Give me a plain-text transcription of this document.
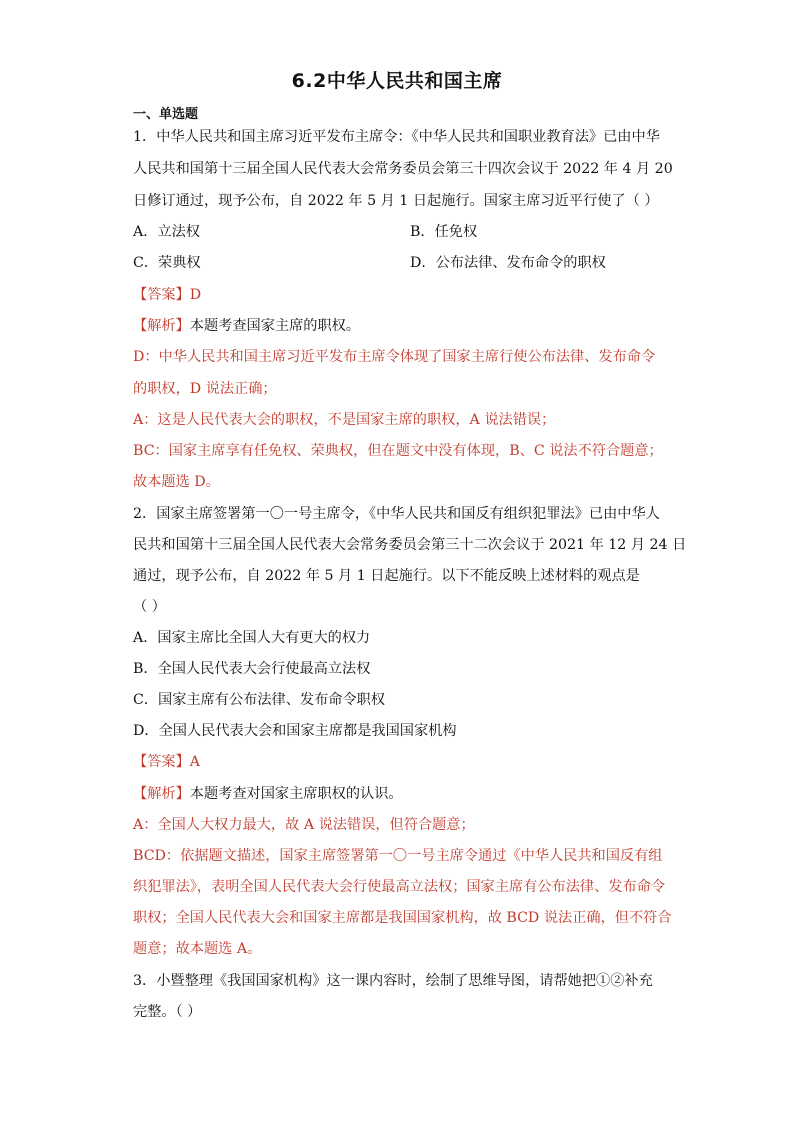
6.2中华人民共和国主席
一、单选题
1．中华人民共和国主席习近平发布主席令：《中华人民共和国职业教育法》已由中华
人民共和国第十三届全国人民代表大会常务委员会第三十四次会议于 2022 年 4 月 20
日修订通过，现予公布，自 2022 年 5 月 1 日起施行。国家主席习近平行使了（ ）
A．立法权	B．任免权
C．荣典权	D．公布法律、发布命令的职权
【答案】D
【解析】本题考查国家主席的职权。
D：中华人民共和国主席习近平发布主席令体现了国家主席行使公布法律、发布命令
的职权，D 说法正确；
A：这是人民代表大会的职权，不是国家主席的职权，A 说法错误；
BC：国家主席享有任免权、荣典权，但在题文中没有体现，B、C 说法不符合题意；
故本题选 D。
2．国家主席签署第一〇一号主席令，《中华人民共和国反有组织犯罪法》已由中华人
民共和国第十三届全国人民代表大会常务委员会第三十二次会议于 2021 年 12 月 24 日
通过，现予公布，自 2022 年 5 月 1 日起施行。以下不能反映上述材料的观点是
（ ）
A．国家主席比全国人大有更大的权力
B．全国人民代表大会行使最高立法权
C．国家主席有公布法律、发布命令职权
D．全国人民代表大会和国家主席都是我国国家机构
【答案】A
【解析】本题考查对国家主席职权的认识。
A：全国人大权力最大，故 A 说法错误，但符合题意；
BCD：依据题文描述，国家主席签署第一〇一号主席令通过《中华人民共和国反有组
织犯罪法》，表明全国人民代表大会行使最高立法权；国家主席有公布法律、发布命令
职权；全国人民代表大会和国家主席都是我国国家机构，故 BCD 说法正确，但不符合
题意；故本题选 A。
3．小暨整理《我国国家机构》这一课内容时，绘制了思维导图，请帮她把①②补充
完整。（ ）
